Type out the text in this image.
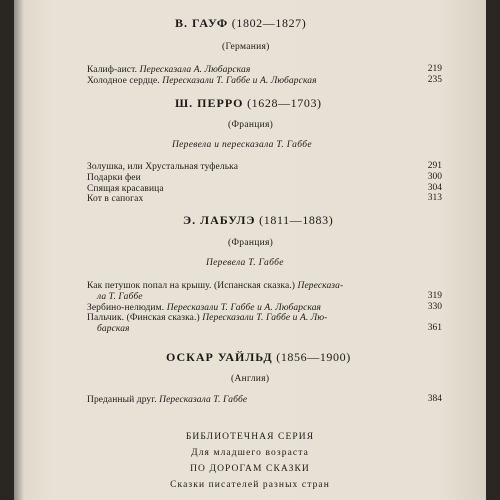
В. ГАУФ (1802—1827)
(Германия)
Калиф-аист. Пересказала А. Любарская	219
Холодное сердце. Пересказали Т. Габбе и А. Любарская	235
Ш. ПЕРРО (1628—1703)
(Франция)
Перевела и пересказала Т. Габбе
Золушка, или Хрустальная туфелька	291
Подарки феи	300
Спящая красавица	304
Кот в сапогах	313
Э. ЛАБУЛЭ (1811—1883)
(Франция)
Перевела Т. Габбе
Как петушок попал на крышу. (Испанская сказка.) Пересказа-
ла Т. Габбе	319
Зербино-нелюдим. Пересказали Т. Габбе и А. Любарская	330
Пальчик. (Финская сказка.) Пересказали Т. Габбе и А. Лю-
барская	361
ОСКАР УАЙЛЬД (1856—1900)
(Англия)
Преданный друг. Пересказала Т. Габбе	384
БИБЛИОТЕЧНАЯ СЕРИЯ
Для младшего возраста
ПО ДОРОГАМ СКАЗКИ
Сказки писателей разных стран
